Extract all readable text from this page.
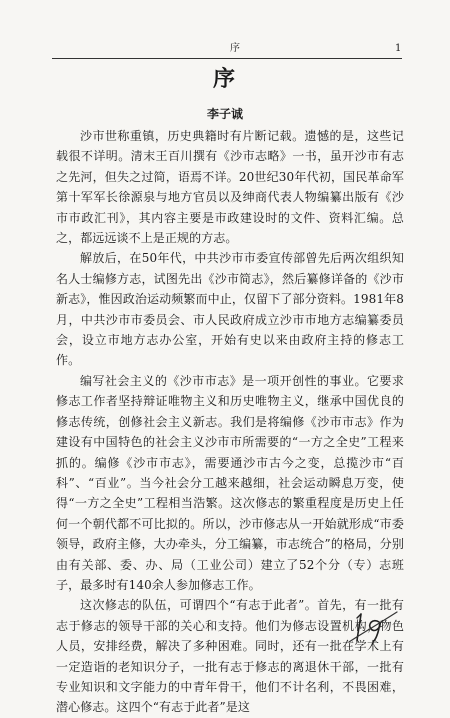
序	1
序
李子诚

沙市世称重镇，历史典籍时有片断记载。遗憾的是，这些记载很不详明。清末王百川撰有《沙市志略》一书，虽开沙市有志之先河，但失之过简，语焉不详。20世纪30年代初，国民革命军第十军军长徐源泉与地方官员以及绅商代表人物编纂出版有《沙市市政汇刊》，其内容主要是市政建设时的文件、资料汇编。总之，都远远谈不上是正规的方志。

解放后，在50年代，中共沙市市委宣传部曾先后两次组织知名人士编修方志，试图先出《沙市简志》，然后纂修详备的《沙市新志》，惟因政治运动频繁而中止，仅留下了部分资料。1981年8月，中共沙市市委员会、市人民政府成立沙市市地方志编纂委员会，设立市地方志办公室，开始有史以来由政府主持的修志工作。

编写社会主义的《沙市市志》是一项开创性的事业。它要求修志工作者坚持辩证唯物主义和历史唯物主义，继承中国优良的修志传统，创修社会主义新志。我们是将编修《沙市市志》作为建设有中国特色的社会主义沙市市所需要的“一方之全史”工程来抓的。编修《沙市市志》，需要通沙市古今之变，总揽沙市“百科”、“百业”。当今社会分工越来越细，社会运动瞬息万变，使得“一方之全史”工程相当浩繁。这次修志的繁重程度是历史上任何一个朝代都不可比拟的。所以，沙市修志从一开始就形成“市委领导，政府主修，大办牵头，分工编纂，市志统合”的格局，分别由有关部、委、办、局（工业公司）建立了52个分（专）志班子，最多时有140余人参加修志工作。

这次修志的队伍，可谓四个“有志于此者”。首先，有一批有志于修志的领导干部的关心和支持。他们为修志设置机构，物色人员，安排经费，解决了多种困难。同时，还有一批在学术上有一定造诣的老知识分子，一批有志于修志的离退休干部，一批有专业知识和文字能力的中青年骨干，他们不计名利，不畏困难，潜心修志。这四个“有志于此者”是这
